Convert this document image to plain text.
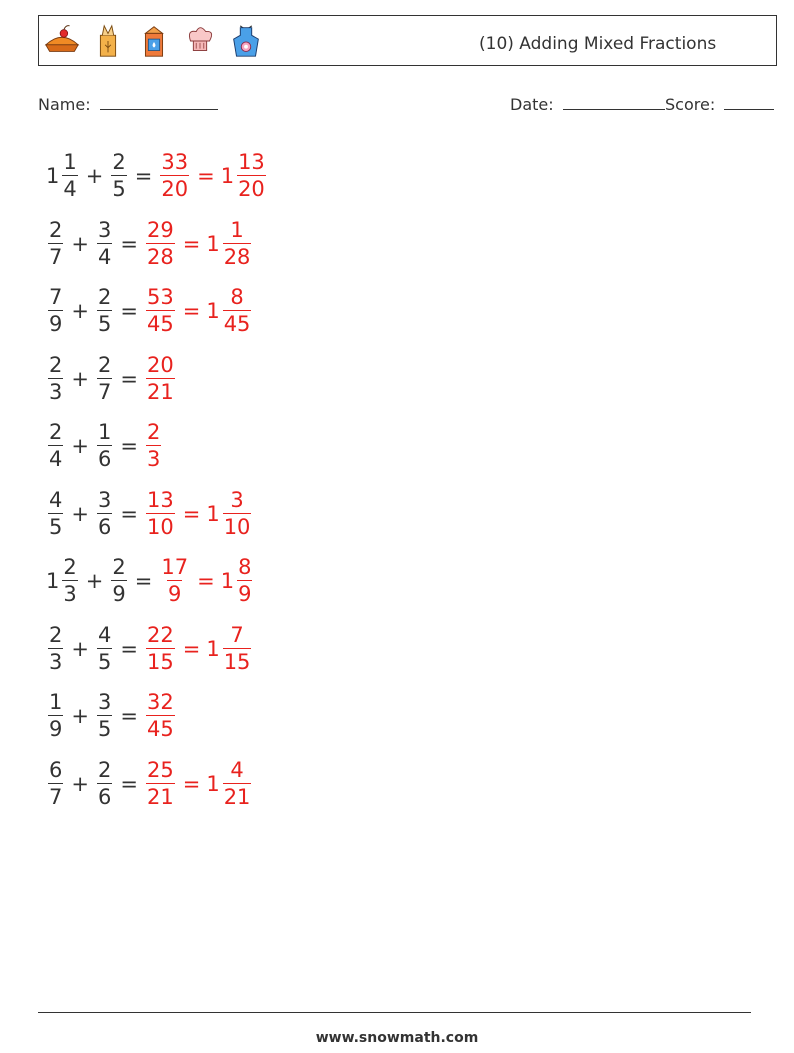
(10) Adding Mixed Fractions
Name:	Date:	Score:
$1 \frac{1}{4} + \frac{2}{5} = \frac{33}{20} = 1 \frac{13}{20}$
$\frac{2}{7} + \frac{3}{4} = \frac{29}{28} = 1 \frac{1}{28}$
$\frac{7}{9} + \frac{2}{5} = \frac{53}{45} = 1 \frac{8}{45}$
$\frac{2}{3} + \frac{2}{7} = \frac{20}{21}$
$\frac{2}{4} + \frac{1}{6} = \frac{2}{3}$
$\frac{4}{5} + \frac{3}{6} = \frac{13}{10} = 1 \frac{3}{10}$
$1 \frac{2}{3} + \frac{2}{9} = \frac{17}{9} = 1 \frac{8}{9}$
$\frac{2}{3} + \frac{4}{5} = \frac{22}{15} = 1 \frac{7}{15}$
$\frac{1}{9} + \frac{3}{5} = \frac{32}{45}$
$\frac{6}{7} + \frac{2}{6} = \frac{25}{21} = 1 \frac{4}{21}$
www.snowmath.com
